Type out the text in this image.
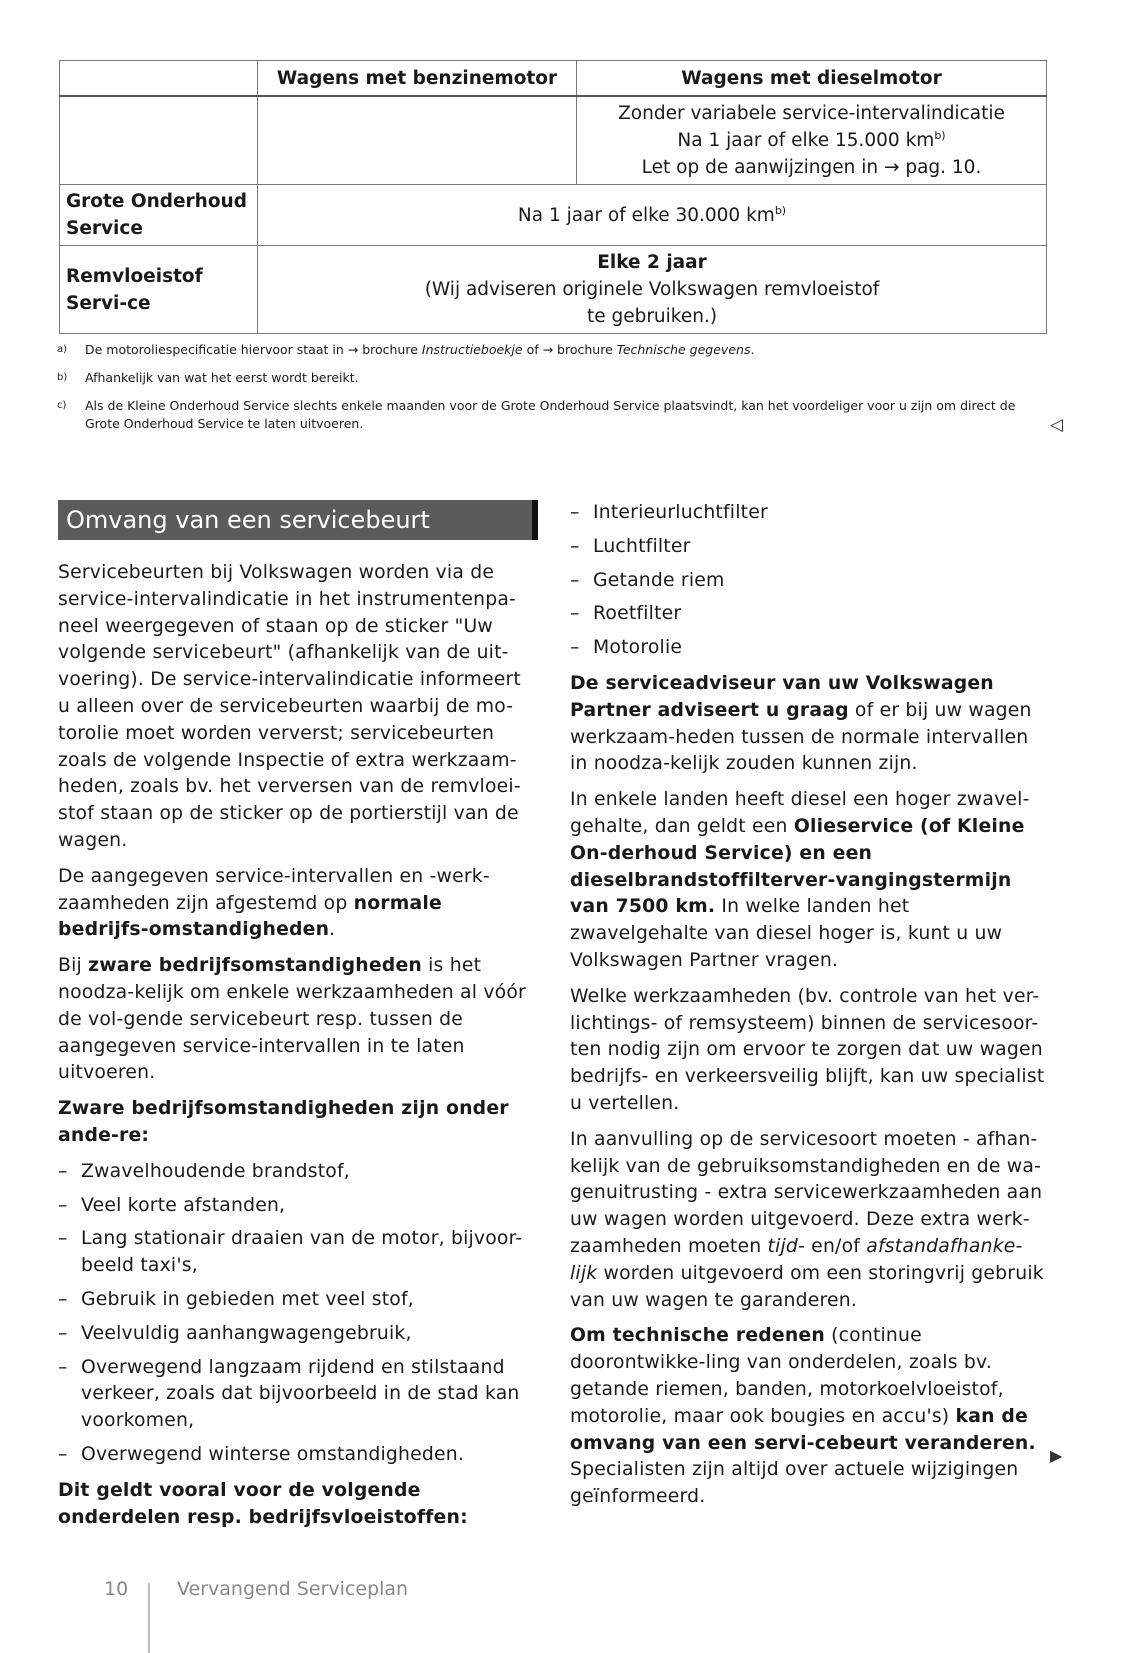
	Wagens met benzinemotor	Wagens met dieselmotor

		Zonder variabele service-intervalindicatie
Na 1 jaar of elke 15.000 $km^{b)}$
Let op de aanwijzingen in → pag. 10.

Grote Onderhoud Service	Na 1 jaar of elke 30.000 $km^{b)}$
Remvloeistof Servi-ce	Elke 2 jaar
(Wij adviseren originele Volkswagen remvloeistof
te gebruiken.)	
a)	De motoroliespecificatie hiervoor staat in → brochure Instructieboekje of → brochure Technische gegevens.
b)	Afhankelijk van wat het eerst wordt bereikt.
c)	Als de Kleine Onderhoud Service slechts enkele maanden voor de Grote Onderhoud Service plaatsvindt, kan het voordeliger voor u zijn om direct de Grote Onderhoud Service te laten uitvoeren.	◁
Omvang van een servicebeurt

Servicebeurten bij Volkswagen worden via de service-intervalindicatie in het instrumentenpa-neel weergegeven of staan op de sticker "Uw volgende servicebeurt" (afhankelijk van de uit-voering). De service-intervalindicatie informeert u alleen over de servicebeurten waarbij de mo-torolie moet worden ververst; servicebeurten zoals de volgende Inspectie of extra werkzaam-heden, zoals bv. het verversen van de remvloei-stof staan op de sticker op de portierstijl van de wagen.

De aangegeven service-intervallen en -werk-zaamheden zijn afgestemd op normale bedrijfs-omstandigheden.

Bij zware bedrijfsomstandigheden is het noodza-kelijk om enkele werkzaamheden al vóór de vol-gende servicebeurt resp. tussen de aangegeven service-intervallen in te laten uitvoeren.

Zware bedrijfsomstandigheden zijn onder ande-re:

– Zwavelhoudende brandstof,
– Veel korte afstanden,
– Lang stationair draaien van de motor, bijvoor-beeld taxi's,
– Gebruik in gebieden met veel stof,
– Veelvuldig aanhangwagengebruik,
– Overwegend langzaam rijdend en stilstaand verkeer, zoals dat bijvoorbeeld in de stad kan voorkomen,
– Overwegend winterse omstandigheden.

Dit geldt vooral voor de volgende onderdelen resp. bedrijfsvloeistoffen:

– Interieurluchtfilter
– Luchtfilter
– Getande riem
– Roetfilter
– Motorolie

De serviceadviseur van uw Volkswagen Partner adviseert u graag of er bij uw wagen werkzaam-heden tussen de normale intervallen in noodza-kelijk zouden kunnen zijn.

In enkele landen heeft diesel een hoger zwavel-gehalte, dan geldt een Olieservice (of Kleine On-derhoud Service) en een dieselbrandstoffilterver-vangingstermijn van 7500 km. In welke landen het zwavelgehalte van diesel hoger is, kunt u uw Volkswagen Partner vragen.

Welke werkzaamheden (bv. controle van het ver-lichtings- of remsysteem) binnen de servicesoor-ten nodig zijn om ervoor te zorgen dat uw wagen bedrijfs- en verkeersveilig blijft, kan uw specialist u vertellen.

In aanvulling op de servicesoort moeten - afhan-kelijk van de gebruiksomstandigheden en de wa-genuitrusting - extra servicewerkzaamheden aan uw wagen worden uitgevoerd. Deze extra werk-zaamheden moeten tijd- en/of afstandafhanke-lijk worden uitgevoerd om een storingvrij gebruik van uw wagen te garanderen.

Om technische redenen (continue doorontwikke-ling van onderdelen, zoals bv. getande riemen, banden, motorkoelvloeistof, motorolie, maar ook bougies en accu's) kan de omvang van een servi-cebeurt veranderen. Specialisten zijn altijd over actuele wijzigingen geïnformeerd.

▶
10	Vervangend Serviceplan
